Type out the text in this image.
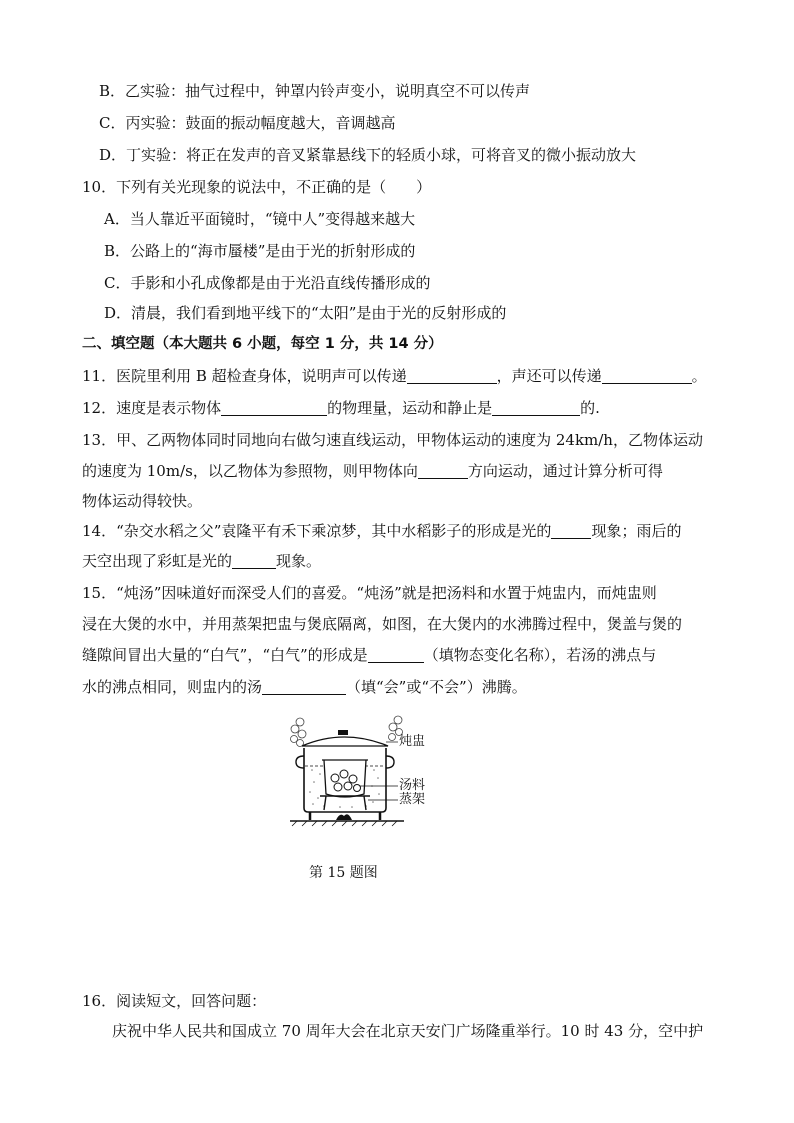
B．乙实验：抽气过程中，钟罩内铃声变小，说明真空不可以传声
C．丙实验：鼓面的振动幅度越大，音调越高
D．丁实验：将正在发声的音叉紧靠悬线下的轻质小球，可将音叉的微小振动放大
10．下列有关光现象的说法中，不正确的是（　　）
A．当人靠近平面镜时，“镜中人”变得越来越大
B．公路上的“海市蜃楼”是由于光的折射形成的
C．手影和小孔成像都是由于光沿直线传播形成的
D．清晨，我们看到地平线下的“太阳”是由于光的反射形成的
二、填空题（本大题共 6 小题，每空 1 分，共 14 分）
11．医院里利用 B 超检查身体，说明声可以传递	，声还可以传递	。
12．速度是表示物体	的物理量，运动和静止是	的.
13．甲、乙两物体同时同地向右做匀速直线运动，甲物体运动的速度为 24km/h，乙物体运动
的速度为 10m/s，以乙物体为参照物，则甲物体向	方向运动，通过计算分析可得
物体运动得较快。
14．“杂交水稻之父”袁隆平有禾下乘凉梦，其中水稻影子的形成是光的	现象；雨后的
天空出现了彩虹是光的	现象。
15．“炖汤”因味道好而深受人们的喜爱。“炖汤”就是把汤料和水置于炖盅内，而炖盅则
浸在大煲的水中，并用蒸架把盅与煲底隔离，如图，在大煲内的水沸腾过程中，煲盖与煲的
缝隙间冒出大量的“白气”，“白气”的形成是	（填物态变化名称），若汤的沸点与
水的沸点相同，则盅内的汤	（填“会”或“不会”）沸腾。
炖盅
汤料
蒸架
第 15 题图
16．阅读短文，回答问题：
庆祝中华人民共和国成立 70 周年大会在北京天安门广场隆重举行。10 时 43 分，空中护
